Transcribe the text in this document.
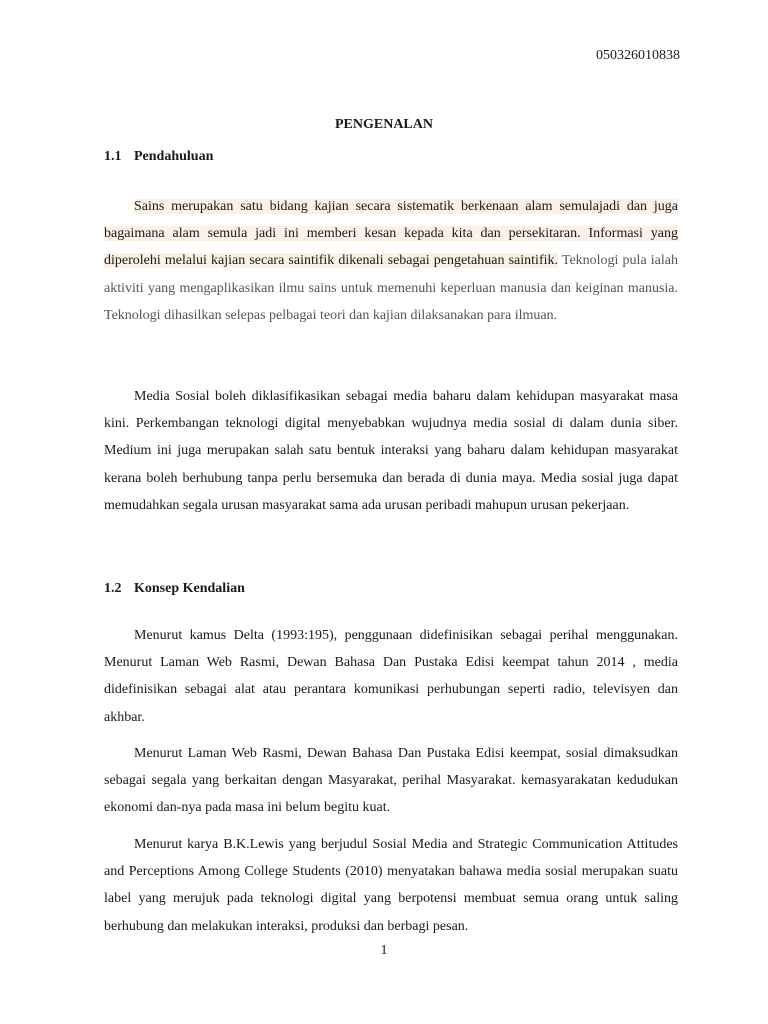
050326010838
PENGENALAN
1.1 Pendahuluan

Sains merupakan satu bidang kajian secara sistematik berkenaan alam semulajadi dan juga bagaimana alam semula jadi ini memberi kesan kepada kita dan persekitaran. Informasi yang diperolehi melalui kajian secara saintifik dikenali sebagai pengetahuan saintifik. Teknologi pula ialah aktiviti yang mengaplikasikan ilmu sains untuk memenuhi keperluan manusia dan keiginan manusia. Teknologi dihasilkan selepas pelbagai teori dan kajian dilaksanakan para ilmuan.

Media Sosial boleh diklasifikasikan sebagai media baharu dalam kehidupan masyarakat masa kini. Perkembangan teknologi digital menyebabkan wujudnya media sosial di dalam dunia siber. Medium ini juga merupakan salah satu bentuk interaksi yang baharu dalam kehidupan masyarakat kerana boleh berhubung tanpa perlu bersemuka dan berada di dunia maya. Media sosial juga dapat memudahkan segala urusan masyarakat sama ada urusan peribadi mahupun urusan pekerjaan.

1.2 Konsep Kendalian

Menurut kamus Delta (1993:195), penggunaan didefinisikan sebagai perihal menggunakan. Menurut Laman Web Rasmi, Dewan Bahasa Dan Pustaka Edisi keempat tahun 2014 , media didefinisikan sebagai alat atau perantara komunikasi perhubungan seperti radio, televisyen dan akhbar.

Menurut Laman Web Rasmi, Dewan Bahasa Dan Pustaka Edisi keempat, sosial dimaksudkan sebagai segala yang berkaitan dengan Masyarakat, perihal Masyarakat. kemasyarakatan kedudukan ekonomi dan-nya pada masa ini belum begitu kuat.

Menurut karya B.K.Lewis yang berjudul Sosial Media and Strategic Communication Attitudes and Perceptions Among College Students (2010) menyatakan bahawa media sosial merupakan suatu label yang merujuk pada teknologi digital yang berpotensi membuat semua orang untuk saling berhubung dan melakukan interaksi, produksi dan berbagi pesan.

1
